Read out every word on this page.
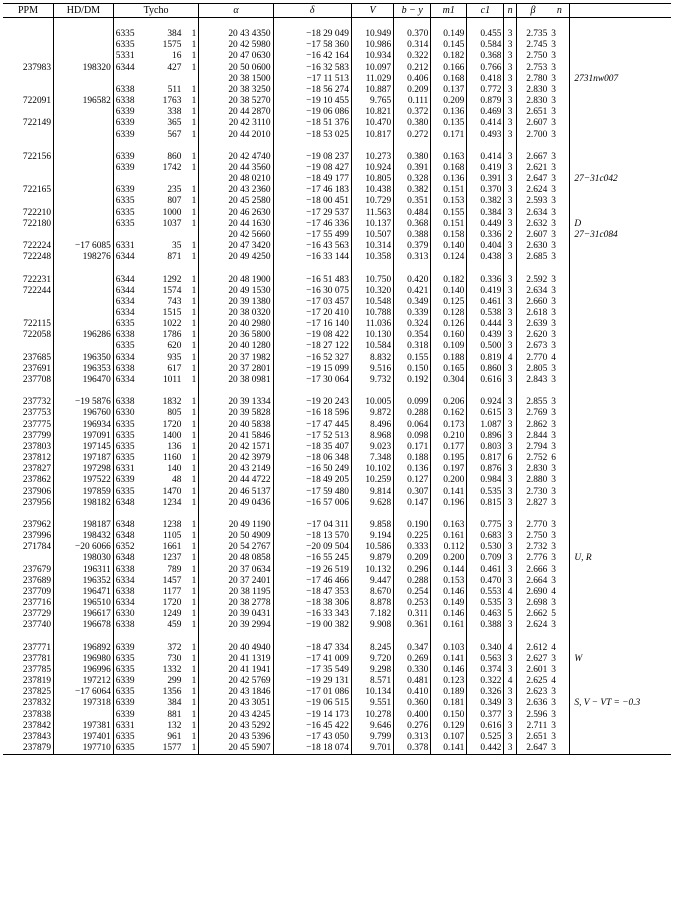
PPM	HD/DM	Tycho			α	δ	V	b − y	m1	c1	n	β	n	

		6335	384	1	20 43 4350	−18 29 049	10.949	0.370	0.149	0.455	3	2.735	3	
		6335	1575	1	20 42 5980	−17 58 360	10.986	0.314	0.145	0.584	3	2.745	3	
		5331	16	1	20 47 0630	−16 42 164	10.934	0.322	0.182	0.368	3	2.750	3	
237983	198320	6344	427	1	20 50 0600	−16 32 583	10.097	0.212	0.166	0.766	3	2.753	3	
					20 38 1500	−17 11 513	11.029	0.406	0.168	0.418	3	2.780	3	2731nw007
		6338	511	1	20 38 3250	−18 56 274	10.887	0.209	0.137	0.772	3	2.830	3	
722091	196582	6338	1763	1	20 38 5270	−19 10 455	9.765	0.111	0.209	0.879	3	2.830	3	
		6339	338	1	20 44 2870	−19 06 086	10.821	0.372	0.136	0.469	3	2.651	3	
722149		6339	365	1	20 42 3110	−18 51 376	10.470	0.380	0.135	0.414	3	2.607	3	
		6339	567	1	20 44 2010	−18 53 025	10.817	0.272	0.171	0.493	3	2.700	3	

722156		6339	860	1	20 42 4740	−19 08 237	10.273	0.380	0.163	0.414	3	2.667	3	
		6339	1742	1	20 44 3560	−19 08 427	10.924	0.391	0.168	0.419	3	2.621	3	
					20 48 0210	−18 49 177	10.805	0.328	0.136	0.391	3	2.647	3	27−31c042
722165		6339	235	1	20 43 2360	−17 46 183	10.438	0.382	0.151	0.370	3	2.624	3	
		6335	807	1	20 45 2580	−18 00 451	10.729	0.351	0.153	0.382	3	2.593	3	
722210		6335	1000	1	20 46 2630	−17 29 537	11.563	0.484	0.155	0.384	3	2.634	3	
722180		6335	1037	1	20 44 1630	−17 46 336	10.137	0.368	0.151	0.449	3	2.632	3	D
					20 42 5660	−17 55 499	10.507	0.388	0.158	0.336	2	2.607	3	27−31c084
722224	−17 6085	6331	35	1	20 47 3420	−16 43 563	10.314	0.379	0.140	0.404	3	2.630	3	
722248	198276	6344	871	1	20 49 4250	−16 33 144	10.358	0.313	0.124	0.438	3	2.685	3	

722231		6344	1292	1	20 48 1900	−16 51 483	10.750	0.420	0.182	0.336	3	2.592	3	
722244		6344	1574	1	20 49 1530	−16 30 075	10.320	0.421	0.140	0.419	3	2.634	3	
		6334	743	1	20 39 1380	−17 03 457	10.548	0.349	0.125	0.461	3	2.660	3	
		6334	1515	1	20 38 0320	−17 20 410	10.788	0.339	0.128	0.538	3	2.618	3	
722115		6335	1022	1	20 40 2980	−17 16 140	11.036	0.324	0.126	0.444	3	2.639	3	
722058	196286	6338	1786	1	20 36 5800	−19 08 422	10.130	0.354	0.160	0.439	3	2.620	3	
		6335	620	1	20 40 1280	−18 27 122	10.584	0.318	0.109	0.500	3	2.673	3	
237685	196350	6334	935	1	20 37 1982	−16 52 327	8.832	0.155	0.188	0.819	4	2.770	4	
237691	196353	6338	617	1	20 37 2801	−19 15 099	9.516	0.150	0.165	0.860	3	2.805	3	
237708	196470	6334	1011	1	20 38 0981	−17 30 064	9.732	0.192	0.304	0.616	3	2.843	3	

237732	−19 5876	6338	1832	1	20 39 1334	−19 20 243	10.005	0.099	0.206	0.924	3	2.855	3	
237753	196760	6330	805	1	20 39 5828	−16 18 596	9.872	0.288	0.162	0.615	3	2.769	3	
237775	196934	6335	1720	1	20 40 5838	−17 47 445	8.496	0.064	0.173	1.087	3	2.862	3	
237799	197091	6335	1400	1	20 41 5846	−17 52 513	8.968	0.098	0.210	0.896	3	2.844	3	
237803	197145	6335	136	1	20 42 1571	−18 35 407	9.023	0.171	0.177	0.803	3	2.794	3	
237812	197187	6335	1160	1	20 42 3979	−18 06 348	7.348	0.188	0.195	0.817	6	2.752	6	
237827	197298	6331	140	1	20 43 2149	−16 50 249	10.102	0.136	0.197	0.876	3	2.830	3	
237862	197522	6339	48	1	20 44 4722	−18 49 205	10.259	0.127	0.200	0.984	3	2.880	3	
237906	197859	6335	1470	1	20 46 5137	−17 59 480	9.814	0.307	0.141	0.535	3	2.730	3	
237956	198182	6348	1234	1	20 49 0436	−16 57 006	9.628	0.147	0.196	0.815	3	2.827	3	

237962	198187	6348	1238	1	20 49 1190	−17 04 311	9.858	0.190	0.163	0.775	3	2.770	3	
237996	198432	6348	1105	1	20 50 4909	−18 13 570	9.194	0.225	0.161	0.683	3	2.750	3	
271784	−20 6066	6352	1661	1	20 54 2767	−20 09 504	10.586	0.333	0.112	0.530	3	2.732	3	
	198030	6348	1237	1	20 48 0858	−16 55 245	9.879	0.209	0.200	0.709	3	2.776	3	U, R
237679	196311	6338	789	1	20 37 0634	−19 26 519	10.132	0.296	0.144	0.461	3	2.666	3	
237689	196352	6334	1457	1	20 37 2401	−17 46 466	9.447	0.288	0.153	0.470	3	2.664	3	
237709	196471	6338	1177	1	20 38 1195	−18 47 353	8.670	0.254	0.146	0.553	4	2.690	4	
237716	196510	6334	1720	1	20 38 2778	−18 38 306	8.878	0.253	0.149	0.535	3	2.698	3	
237729	196617	6330	1249	1	20 39 0431	−16 33 343	7.182	0.311	0.146	0.463	5	2.662	5	
237740	196678	6338	459	1	20 39 2994	−19 00 382	9.908	0.361	0.161	0.388	3	2.624	3	

237771	196892	6339	372	1	20 40 4940	−18 47 334	8.245	0.347	0.103	0.340	4	2.612	4	
237781	196980	6335	730	1	20 41 1319	−17 41 009	9.720	0.269	0.141	0.563	3	2.627	3	W
237785	196996	6335	1332	1	20 41 1941	−17 35 549	9.298	0.330	0.146	0.374	3	2.601	3	
237819	197212	6339	299	1	20 42 5769	−19 29 131	8.571	0.481	0.123	0.322	4	2.625	4	
237825	−17 6064	6335	1356	1	20 43 1846	−17 01 086	10.134	0.410	0.189	0.326	3	2.623	3	
237832	197318	6339	384	1	20 43 3051	−19 06 515	9.551	0.360	0.181	0.349	3	2.636	3	S, V − VT = −0.3
237838		6339	881	1	20 43 4245	−19 14 173	10.278	0.400	0.150	0.377	3	2.596	3	
237842	197381	6331	132	1	20 43 5292	−16 45 422	9.646	0.276	0.129	0.616	3	2.711	3	
237843	197401	6335	961	1	20 43 5396	−17 43 050	9.799	0.313	0.107	0.525	3	2.651	3	
237879	197710	6335	1577	1	20 45 5907	−18 18 074	9.701	0.378	0.141	0.442	3	2.647	3	
